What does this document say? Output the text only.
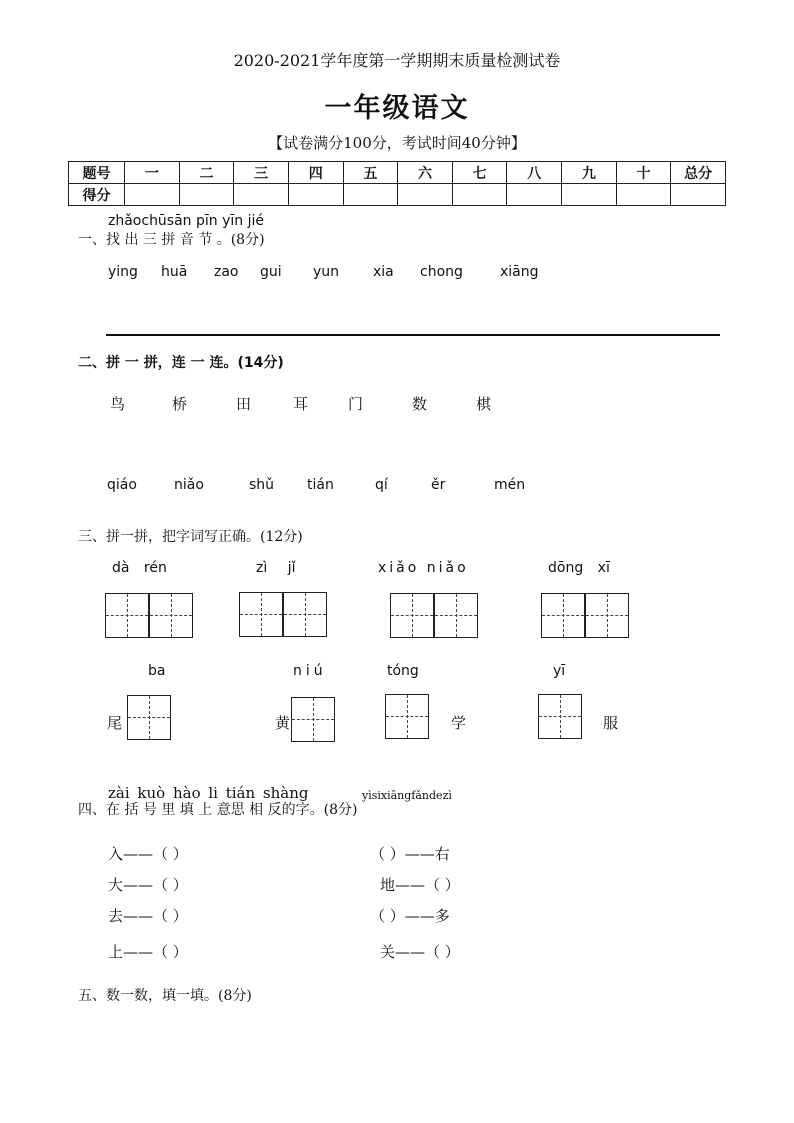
2020-2021学年度第一学期期末质量检测试卷
一年级语文
【试卷满分100分，考试时间40分钟】
题号	一	二	三	四	五	六	七	八	九	十	总分
得分											
zhǎochūsān pīn yīn jié
一、找 出 三 拼 音 节 。(8分)
ying huā zao gui yun xia chong	xiāng
二、拼 一 拼，连 一 连。(14分)
鸟	桥	田	耳	门	数	棋
qiáo	niǎo	shǔ tián	qí	ěr	mén
三、拼一拼，把字词写正确。(12分)
dà rén	zì jǐ	xiǎo niǎo	dōng xī
ba	niú	tóng	yī
尾	黄	学	服
zài kuò hào li tián shàng	yìsixiāngfǎndezì
四、在 括 号 里 填 上 意思 相 反的字。(8分)
入——（ ）
大——（ ）
去——（ ）
上——（ ）
（ ）——右
地——（ ）
（ ）——多
关——（ ）
五、数一数，填一填。(8分)
